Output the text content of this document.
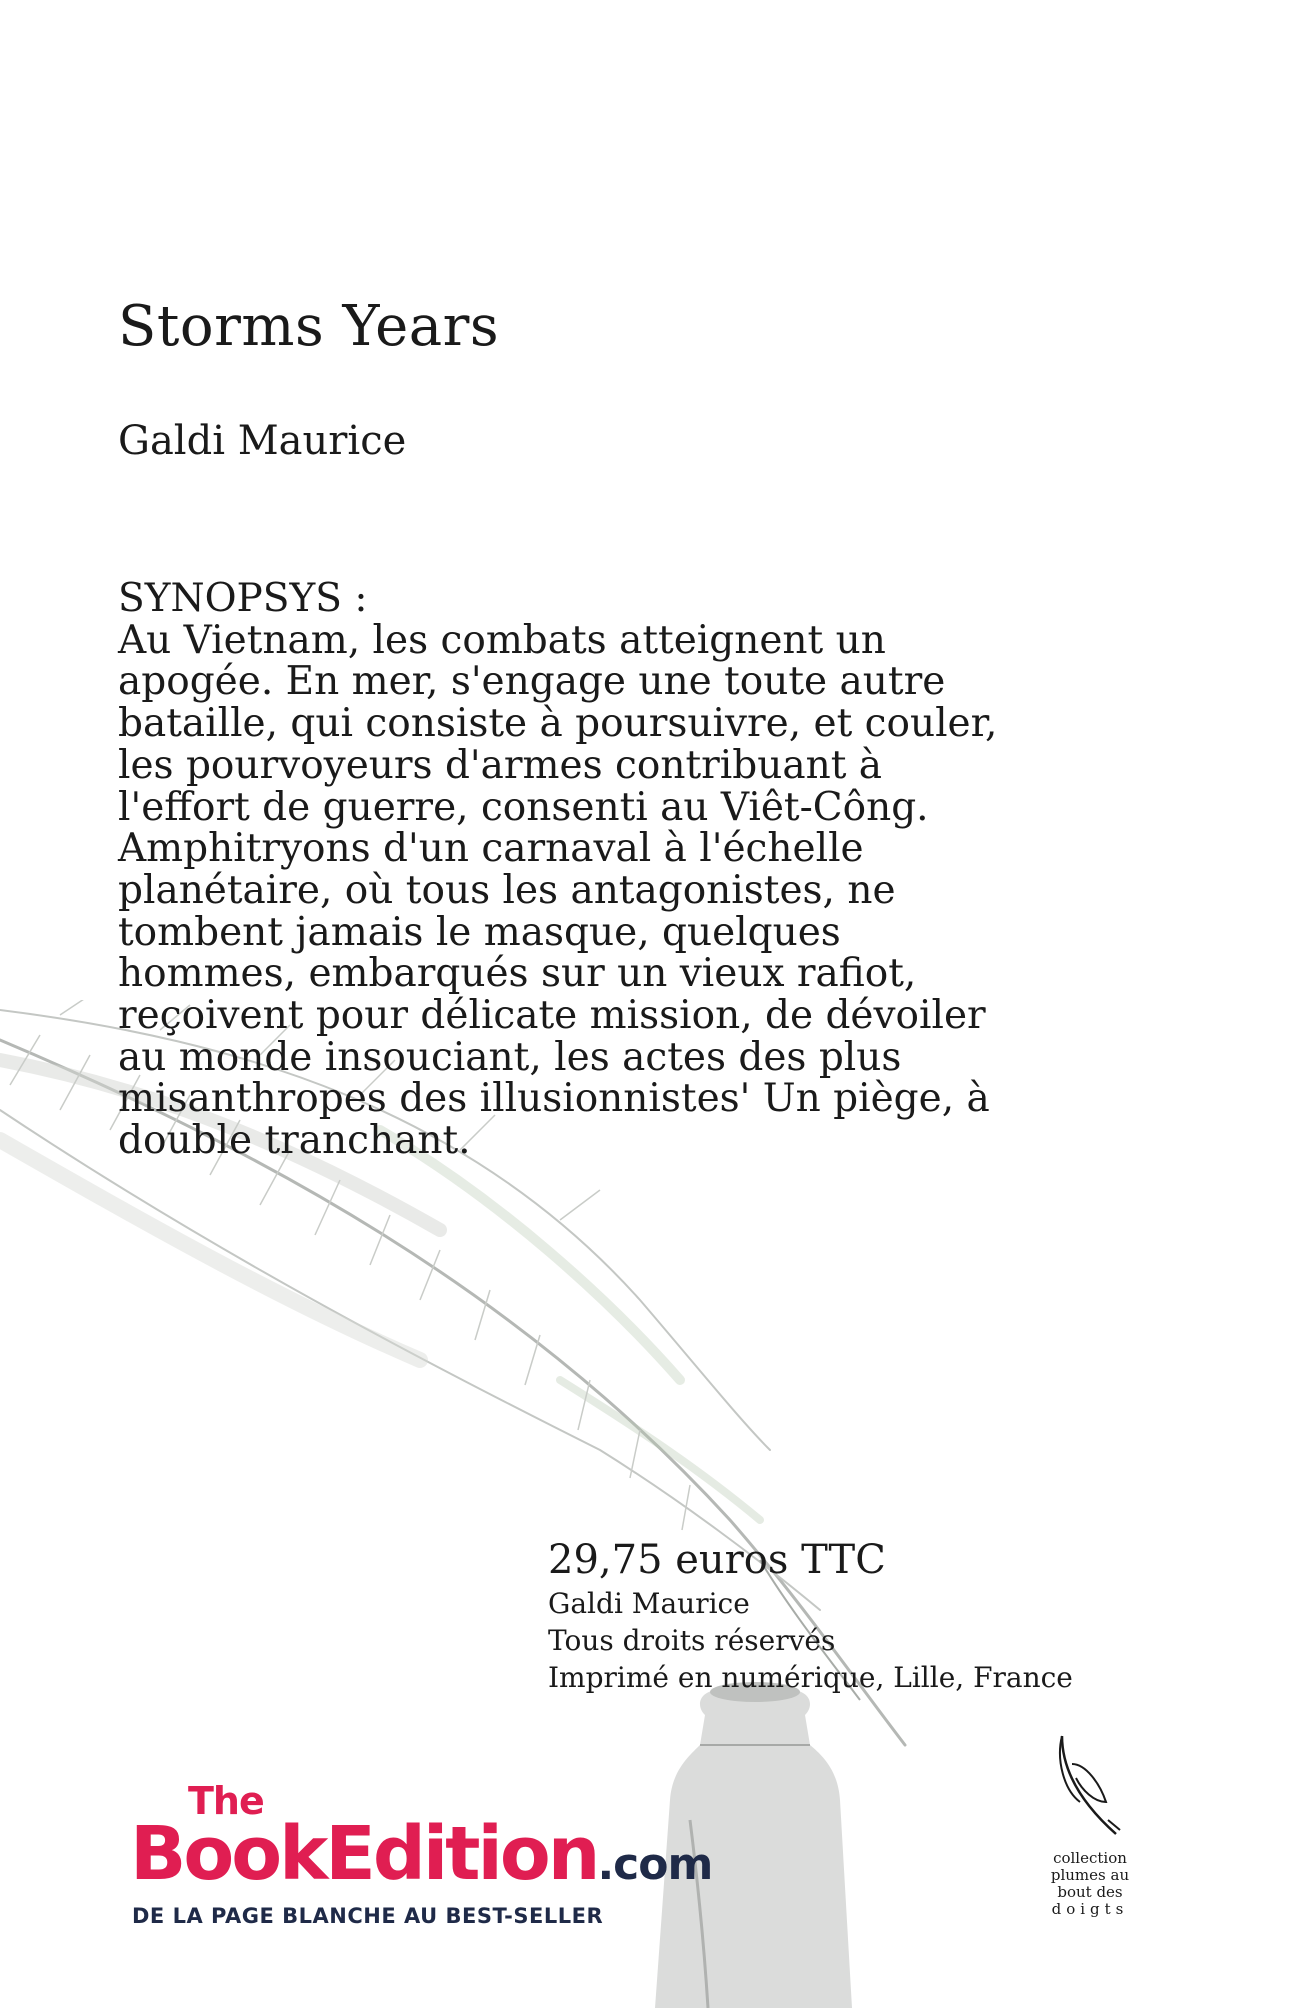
Storms Years

Galdi Maurice

SYNOPSYS :

Au Vietnam, les combats atteignent un apogée. En mer, s'engage une toute autre bataille, qui consiste à poursuivre, et couler, les pourvoyeurs d'armes contribuant à l'effort de guerre, consenti au Viêt-Công. Amphitryons d'un carnaval à l'échelle planétaire, où tous les antagonistes, ne tombent jamais le masque, quelques hommes, embarqués sur un vieux rafiot, reçoivent pour délicate mission, de dévoiler au monde insouciant, les actes des plus misanthropes des illusionnistes' Un piège, à double tranchant.

29,75 euros TTC

Galdi Maurice

Tous droits réservés

Imprimé en numérique, Lille, France

The
BookEdition.com
DE LA PAGE BLANCHE AU BEST-SELLER
collection
plumes au
bout des
doigts
